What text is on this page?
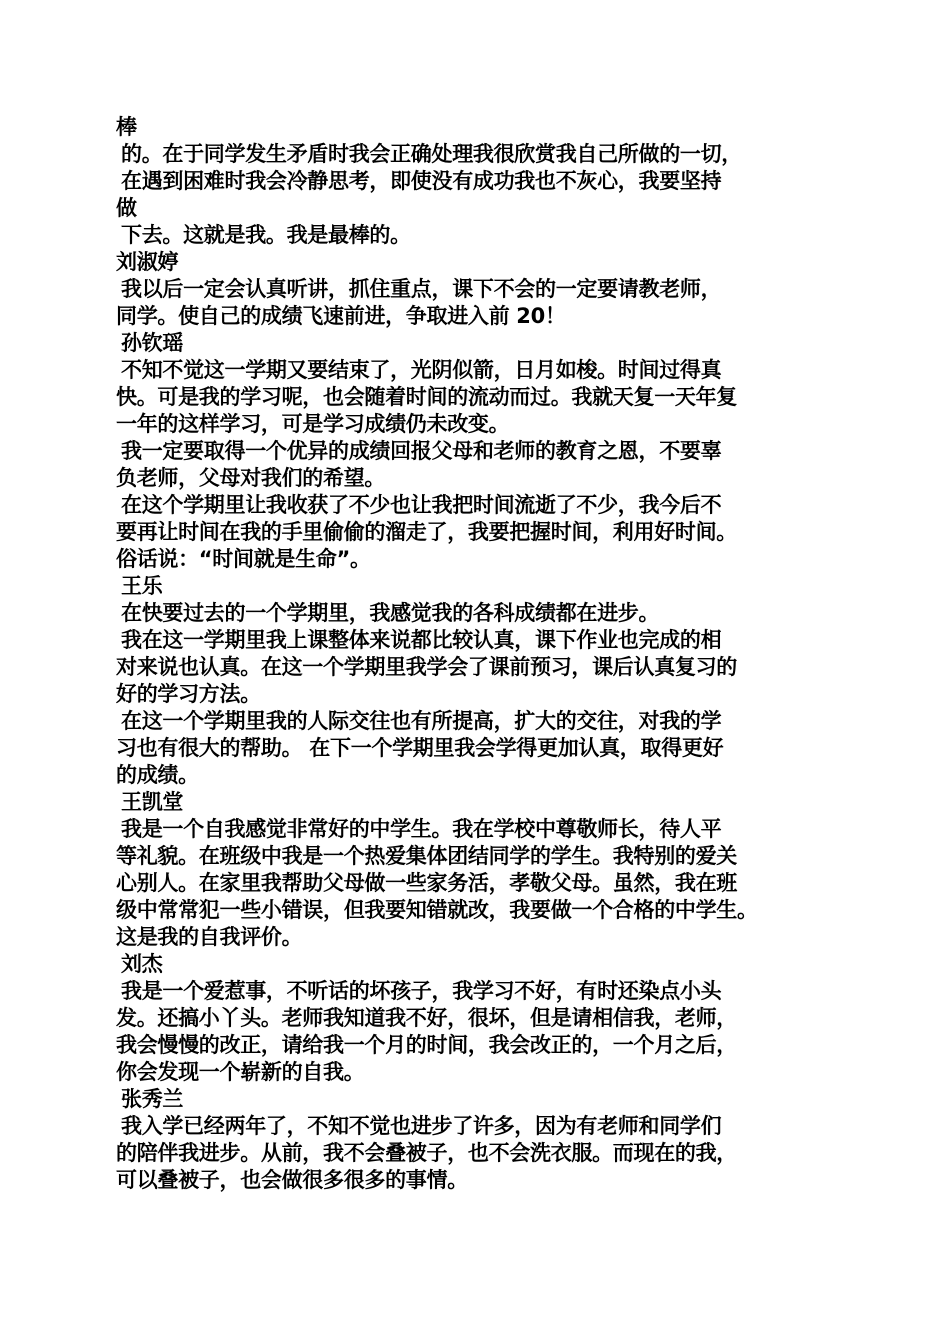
棒
的。在于同学发生矛盾时我会正确处理我很欣赏我自己所做的一切，
在遇到困难时我会冷静思考，即使没有成功我也不灰心，我要坚持
做
下去。这就是我。我是最棒的。
刘淑婷
我以后一定会认真听讲，抓住重点，课下不会的一定要请教老师，
同学。使自己的成绩飞速前进，争取进入前 20！
孙钦瑶
不知不觉这一学期又要结束了，光阴似箭，日月如梭。时间过得真
快。可是我的学习呢，也会随着时间的流动而过。我就天复一天年复
一年的这样学习，可是学习成绩仍未改变。
我一定要取得一个优异的成绩回报父母和老师的教育之恩，不要辜
负老师，父母对我们的希望。
在这个学期里让我收获了不少也让我把时间流逝了不少，我今后不
要再让时间在我的手里偷偷的溜走了，我要把握时间，利用好时间。
俗话说：“时间就是生命”。
王乐
在快要过去的一个学期里，我感觉我的各科成绩都在进步。
我在这一学期里我上课整体来说都比较认真，课下作业也完成的相
对来说也认真。在这一个学期里我学会了课前预习，课后认真复习的
好的学习方法。
在这一个学期里我的人际交往也有所提高，扩大的交往，对我的学
习也有很大的帮助。 在下一个学期里我会学得更加认真，取得更好
的成绩。
王凯堂
我是一个自我感觉非常好的中学生。我在学校中尊敬师长，待人平
等礼貌。在班级中我是一个热爱集体团结同学的学生。我特别的爱关
心别人。在家里我帮助父母做一些家务活，孝敬父母。虽然，我在班
级中常常犯一些小错误，但我要知错就改，我要做一个合格的中学生。
这是我的自我评价。
刘杰
我是一个爱惹事，不听话的坏孩子，我学习不好，有时还染点小头
发。还搞小丫头。老师我知道我不好，很坏，但是请相信我，老师，
我会慢慢的改正，请给我一个月的时间，我会改正的，一个月之后，
你会发现一个崭新的自我。
张秀兰
我入学已经两年了，不知不觉也进步了许多，因为有老师和同学们
的陪伴我进步。从前，我不会叠被子，也不会洗衣服。而现在的我，
可以叠被子，也会做很多很多的事情。
